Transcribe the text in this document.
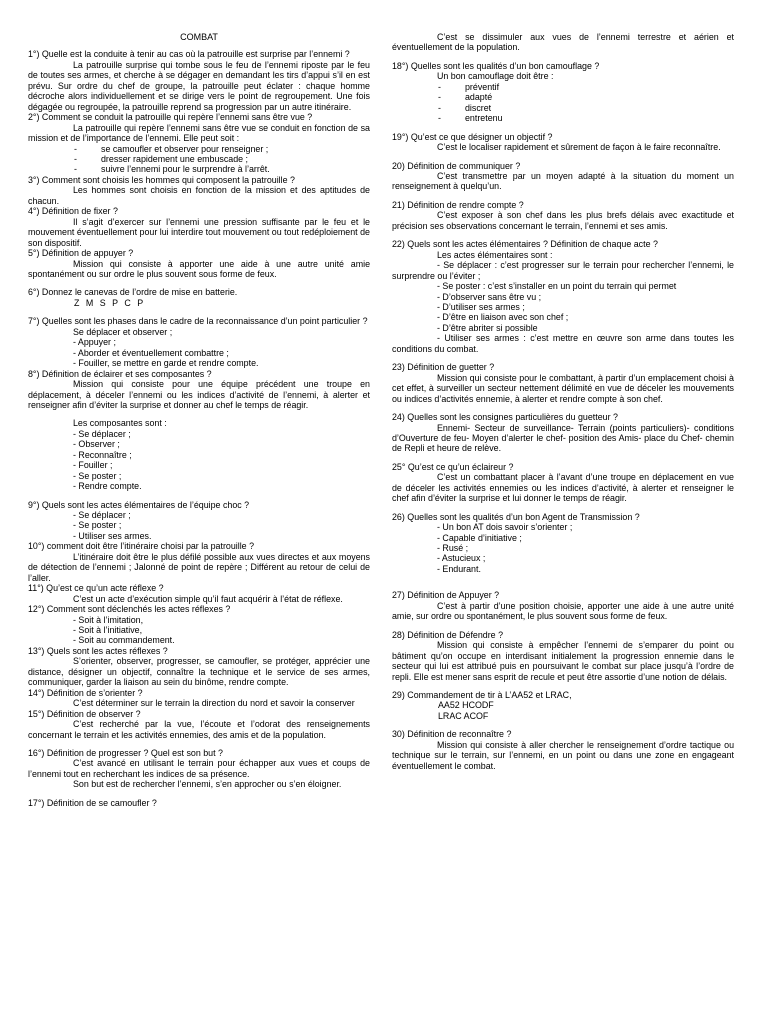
COMBAT

1°) Quelle est la conduite à tenir au cas où la patrouille est surprise par l’ennemi ?

La patrouille surprise qui tombe sous le feu de l’ennemi riposte par le feu de toutes ses armes, et cherche à se dégager en demandant les tirs d’appui s’il en est prévu. Sur ordre du chef de groupe, la patrouille peut éclater : chaque homme décroche alors individuellement et se dirige vers le point de regroupement. Une fois dégagée ou regroupée, la patrouille reprend sa progression par un autre itinéraire.

2°) Comment se conduit la patrouille qui repère l’ennemi sans être vue ?

La patrouille qui repère l’ennemi sans être vue se conduit en fonction de sa mission et de l’importance de l’ennemi. Elle peut soit :

- se camoufler et observer pour renseigner ;

- dresser rapidement une embuscade ;

- suivre l’ennemi pour le surprendre à l’arrêt.

3°) Comment sont choisis les hommes qui composent la patrouille ?

Les hommes sont choisis en fonction de la mission et des aptitudes de chacun.

4°) Définition de fixer ?

Il s’agit d’exercer sur l’ennemi une pression suffisante par le feu et le mouvement éventuellement pour lui interdire tout mouvement ou tout redéploiement de son dispositif.

5°) Définition de appuyer ?

Mission qui consiste à apporter une aide à une autre unité amie spontanément ou sur ordre le plus souvent sous forme de feux.

6°) Donnez le canevas de l’ordre de mise en batterie.

Z M S P C P

7°) Quelles sont les phases dans le cadre de la reconnaissance d’un point particulier ?

Se déplacer et observer ;

- Appuyer ;

- Aborder et éventuellement combattre ;

- Fouiller, se mettre en garde et rendre compte.

8°) Définition de éclairer et ses composantes ?

Mission qui consiste pour une équipe précédent une troupe en déplacement, à déceler l’ennemi ou les indices d’activité de l’ennemi, à alerter et renseigner afin d’éviter la surprise et donner au chef le temps de réagir.

Les composantes sont :

- Se déplacer ;

- Observer ;

- Reconnaître ;

- Fouiller ;

- Se poster ;

- Rendre compte.

9°) Quels sont les actes élémentaires de l’équipe choc ?

- Se déplacer ;

- Se poster ;

- Utiliser ses armes.

10°) comment doit être l’itinéraire choisi par la patrouille ?

L’itinéraire doit être le plus défilé possible aux vues directes et aux moyens de détection de l’ennemi ; Jalonné de point de repère ; Différent au retour de celui de l’aller.

11°) Qu’est ce qu’un acte réflexe ?

C’est un acte d’exécution simple qu’il faut acquérir à l’état de réflexe.

12°) Comment sont déclenchés les actes réflexes ?

- Soit à l’imitation,

- Soit à l’initiative,

- Soit au commandement.

13°) Quels sont les actes réflexes ?

S’orienter, observer, progresser, se camoufler, se protéger, apprécier une distance, désigner un objectif, connaître la technique et le service de ses armes, communiquer, garder la liaison au sein du binôme, rendre compte.

14°) Définition de s’orienter ?

C’est déterminer sur le terrain la direction du nord et savoir la conserver

15°) Définition de observer ?

C’est recherché par la vue, l’écoute et l’odorat des renseignements concernant le terrain et les activités ennemies, des amis et de la population.

16°) Définition de progresser ? Quel est son but ?

C’est avancé en utilisant le terrain pour échapper aux vues et coups de l’ennemi tout en recherchant les indices de sa présence.

Son but est de rechercher l’ennemi, s’en approcher ou s’en éloigner.

17°) Définition de se camoufler ?

C’est se dissimuler aux vues de l’ennemi terrestre et aérien et éventuellement de la population.

18°) Quelles sont les qualités d’un bon camouflage ?

Un bon camouflage doit être :

- préventif

- adapté

- discret

- entretenu

19°) Qu’est ce que désigner un objectif ?

C’est le localiser rapidement et sûrement de façon à le faire reconnaître.

20) Définition de communiquer ?

C’est transmettre par un moyen adapté à la situation du moment un renseignement à quelqu’un.

21) Définition de rendre compte ?

C’est exposer à son chef dans les plus brefs délais avec exactitude et précision ses observations concernant le terrain, l’ennemi et ses amis.

22) Quels sont les actes élémentaires ? Définition de chaque acte ?

Les actes élémentaires sont :

- Se déplacer : c’est progresser sur le terrain pour rechercher l’ennemi, le surprendre ou l’éviter ;

- Se poster : c’est s’installer en un point du terrain qui permet

- D’observer sans être vu ;

- D’utiliser ses armes ;

- D’être en liaison avec son chef ;

- D’être abriter si possible

- Utiliser ses armes : c’est mettre en œuvre son arme dans toutes les conditions du combat.

23) Définition de guetter ?

Mission qui consiste pour le combattant, à partir d’un emplacement choisi à cet effet, à surveiller un secteur nettement délimité en vue de déceler les mouvements ou indices d’activités ennemie, à alerter et rendre compte à son chef.

24) Quelles sont les consignes particulières du guetteur ?

Ennemi- Secteur de surveillance- Terrain (points particuliers)- conditions d’Ouverture de feu- Moyen d’alerter le chef- position des Amis- place du Chef- chemin de Repli et heure de relève.

25° Qu’est ce qu’un éclaireur ?

C’est un combattant placer à l’avant d’une troupe en déplacement en vue de déceler les activités ennemies ou les indices d’activité, à alerter et renseigner le chef afin d’éviter la surprise et lui donner le temps de réagir.

26) Quelles sont les qualités d’un bon Agent de Transmission ?

- Un bon AT dois savoir s’orienter ;

- Capable d’initiative ;

- Rusé ;

- Astucieux ;

- Endurant.

27) Définition de Appuyer ?

C’est à partir d’une position choisie, apporter une aide à une autre unité amie, sur ordre ou spontanément, le plus souvent sous forme de feux.

28) Définition de Défendre ?

Mission qui consiste à empêcher l’ennemi de s’emparer du point ou bâtiment qu’on occupe en interdisant initialement la progression ennemie dans le secteur qui lui est attribué puis en poursuivant le combat sur place jusqu’à l’ordre de repli. Elle est mener sans esprit de recule et peut être assortie d’une notion de délais.

29) Commandement de tir à L’AA52 et LRAC,

AA52 HCODF

LRAC ACOF

30) Définition de reconnaître ?

Mission qui consiste à aller chercher le renseignement d’ordre tactique ou technique sur le terrain, sur l’ennemi, en un point ou dans une zone en engageant éventuellement le combat.
